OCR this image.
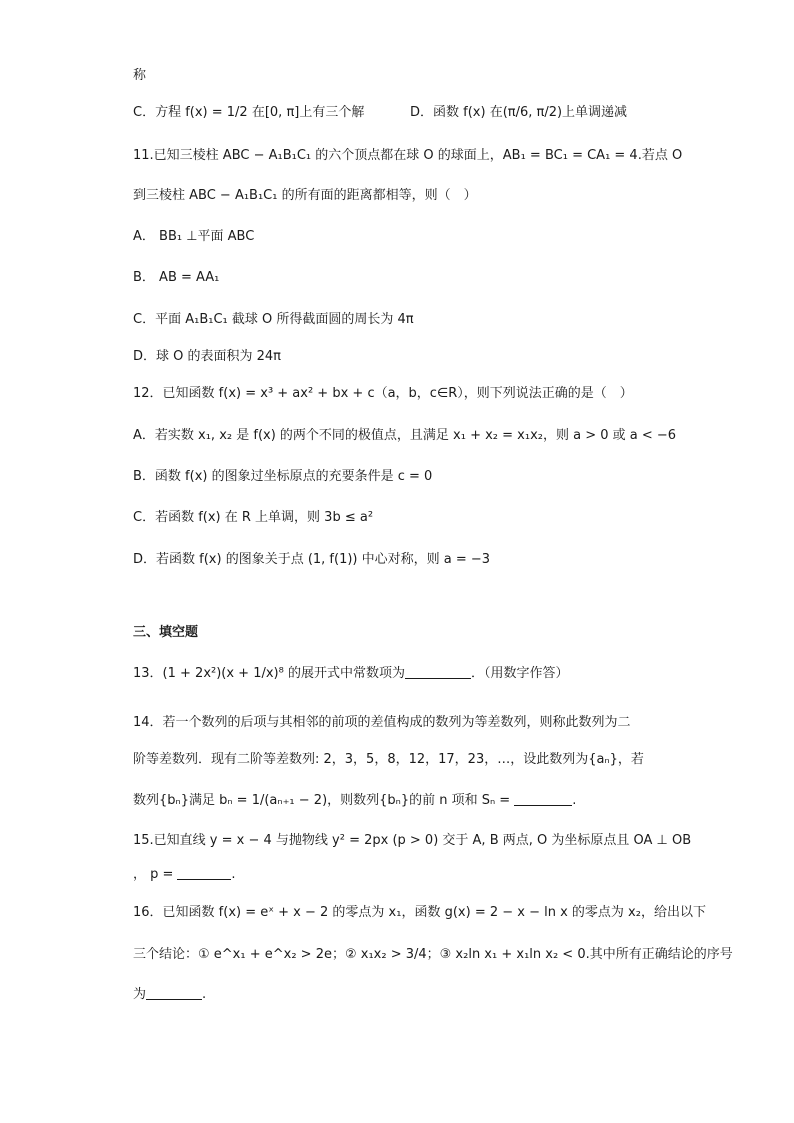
称
C．方程 f(x) = 1/2 在[0, π]上有三个解	D．函数 f(x) 在(π/6, π/2)上单调递减
11.已知三棱柱 ABC − A₁B₁C₁ 的六个顶点都在球 O 的球面上，AB₁ = BC₁ = CA₁ = 4.若点 O
到三棱柱 ABC − A₁B₁C₁ 的所有面的距离都相等，则（　）
A． BB₁ ⊥平面 ABC
B． AB = AA₁
C．平面 A₁B₁C₁ 截球 O 所得截面圆的周长为 4π
D．球 O 的表面积为 24π
12．已知函数 f(x) = x³ + ax² + bx + c（a，b，c∈R），则下列说法正确的是（　）
A．若实数 x₁, x₂ 是 f(x) 的两个不同的极值点，且满足 x₁ + x₂ = x₁x₂，则 a > 0 或 a < −6
B．函数 f(x) 的图象过坐标原点的充要条件是 c = 0
C．若函数 f(x) 在 R 上单调，则 3b ≤ a²
D．若函数 f(x) 的图象关于点 (1, f(1)) 中心对称，则 a = −3
三、填空题
13．(1 + 2x²)(x + 1/x)⁸ 的展开式中常数项为	．（用数字作答）
14．若一个数列的后项与其相邻的前项的差值构成的数列为等差数列，则称此数列为二
阶等差数列．现有二阶等差数列: 2，3，5，8，12，17，23，…，设此数列为{aₙ}，若
数列{bₙ}满足 bₙ = 1/(aₙ₊₁ − 2)，则数列{bₙ}的前 n 项和 Sₙ =	.
15.已知直线 y = x − 4 与抛物线 y² = 2px (p > 0) 交于 A, B 两点, O 为坐标原点且 OA ⊥ OB
， p =	.
16．已知函数 f(x) = eˣ + x − 2 的零点为 x₁，函数 g(x) = 2 − x − ln x 的零点为 x₂，给出以下
三个结论：① e^x₁ + e^x₂ > 2e；② x₁x₂ > 3/4；③ x₂ln x₁ + x₁ln x₂ < 0.其中所有正确结论的序号
为	.
